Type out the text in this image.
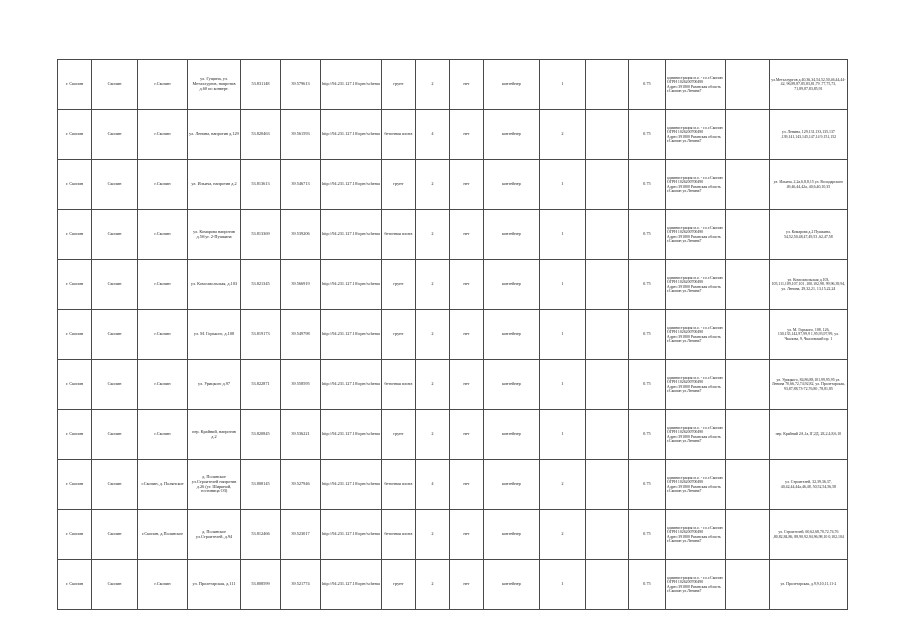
г. Скопин	Скопин	г.Скопин	ул. Гущина, ул. Металлургов, напротив д.60 по конверт.	53.831148	39.579613	http://94.231.127.10/oper/schema	грунт	2	нет	контейнер	1		0.75	администрация м.о. - г.о.г.Скопин ОГРН 1026200700490 Адрес:391800 Рязанская область г.Скопин ул.Ленина7		ул.Металлургов д.40,36,34,54,52,50,46,44,44-42, 96,89,87,85,83,81,79 ,77,75,73, 71,89,87,83,85,91
г. Скопин	Скопин	г.Скопин	ул. Ленина, напротив д.129	53.820463	39.561593	http://94.231.127.10/oper/schema	бетонная плита	4	нет	контейнер	2		0.75	администрация м.о. - г.о.г.Скопин ОГРН 1026200700490 Адрес:391800 Рязанская область г.Скопин ул.Ленина7		ул. Ленина, 129,131,133,135,137 ,139,141,143,145,147,14 9,151,152
г. Скопин	Скопин	г.Скопин	ул. Ильича, напротив д.2	53.813613	39.546713	http://94.231.127.10/oper/schema	грунт	2	нет	контейнер	1		0.75	администрация м.о. - г.о.г.Скопин ОГРН 1026200700490 Адрес:391800 Рязанская область г.Скопин ул.Ленина7		ул. Ильича, 2,2а,6,8,8,15 ул. Володарского 49,46,44,42а, 40,6,40,10,35
г. Скопин	Скопин	г.Скопин	ул. Комарова напротив д.5б/уг. 2-Пушкина	53.813369	39.539206	http://94.231.127.10/oper/schema	бетонная плита	2	нет	контейнер	1		0.75	администрация м.о. - г.о.г.Скопин ОГРН 1026200700490 Адрес:391800 Рязанская область г.Скопин ул.Ленина7		ул. Комарова д.2 Пушкина, 54,52,50,48,47,49,53 ,62,47,58
г. Скопин	Скопин	г.Скопин	ул. Комсомольская, д.103	53.821345	39.566919	http://94.231.127.10/oper/schema	грунт	2	нет	контейнер	1		0.75	администрация м.о. - г.о.г.Скопин ОГРН 1026200700490 Адрес:391800 Рязанская область г.Скопин ул.Ленина7		ул. Комсомольская д.103, 105,111,109,107,101 ,100,102,98, 99,96,39,94, ул. Ленина, 29,32,21, 13,15,22,24
г. Скопин	Скопин	г.Скопин	ул. М. Горького, д.108	53.819173	39.549798	http://94.231.127.10/oper/schema	грунт	2	нет	контейнер	1		0.75	администрация м.о. - г.о.г.Скопин ОГРН 1026200700490 Адрес:391800 Рязанская область г.Скопин ул.Ленина7		ул. М. Горького, 108, 126, 130,135,142,97,99,9 1,95,93,97,99, ул. Чкалова, 9, Чкаловский пр. 1
г. Скопин	Скопин	г.Скопин	ул. Урицкого д.97	53.822871	39.558595	http://94.231.127.10/oper/schema	бетонная плита	2	нет	контейнер	1		0.75	администрация м.о. - г.о.г.Скопин ОГРН 1026200700490 Адрес:391800 Рязанская область г.Скопин ул.Ленина7		ул. Урицкого, 84,86,88,101,99,95,95 ул. Ленина 70,66,72,74,92,82, ул. Пролетарская, 93,87,88,73-72,76,80 ,78,81,85
г. Скопин	Скопин	г.Скопин	пер. Крайний, напротив д.2	53.820845	39.536221	http://94.231.127.10/oper/schema	грунт	2	нет	контейнер	1		0.75	администрация м.о. - г.о.г.Скопин ОГРН 1026200700490 Адрес:391800 Рязанская область г.Скопин ул.Ленина7		пер. Крайний 2А,1а,1Г,2Д, 2Б,2,4,8,6,10
г. Скопин	Скопин	г.Скопин, д. Полянское	д. Полянское ул.Строителей напротив д.26 (уг. Шириной, гостиница ОЗ)	53.808145	39.527946	http://94.231.127.10/oper/schema	бетонная плита	4	нет	контейнер	2		0.75	администрация м.о. - г.о.г.Скопин ОГРН 1026200700490 Адрес:391800 Рязанская область г.Скопин ул.Ленина7		ул. Строителей, 32,39,36,37, 40,42,44,44а,46,48, 50,52,54,56,58
г. Скопин	Скопин	г.Скопин, д.Полянское	д. Полянское ул.Строителей, д.94	53.812466	39.523017	http://94.231.127.10/oper/schema	бетонная плита	2	нет	контейнер	2		0.75	администрация м.о. - г.о.г.Скопин ОГРН 1026200700490 Адрес:391800 Рязанская область г.Скопин ул.Ленина7		ул. Строителей, 60,62,68,70,72,74,76 ,80,82,84,86, 88,90,92,94,96,98,10 0,102,104
г. Скопин	Скопин	г.Скопин	ул. Пролетарская, д.111	53.808599	39.521774	http://94.231.127.10/oper/schema	грунт	2	нет	контейнер	1		0.75	администрация м.о. - г.о.г.Скопин ОГРН 1026200700490 Адрес:391800 Рязанская область г.Скопин ул.Ленина7		ул. Пролетарская, д.9,9,10,11,11-2
